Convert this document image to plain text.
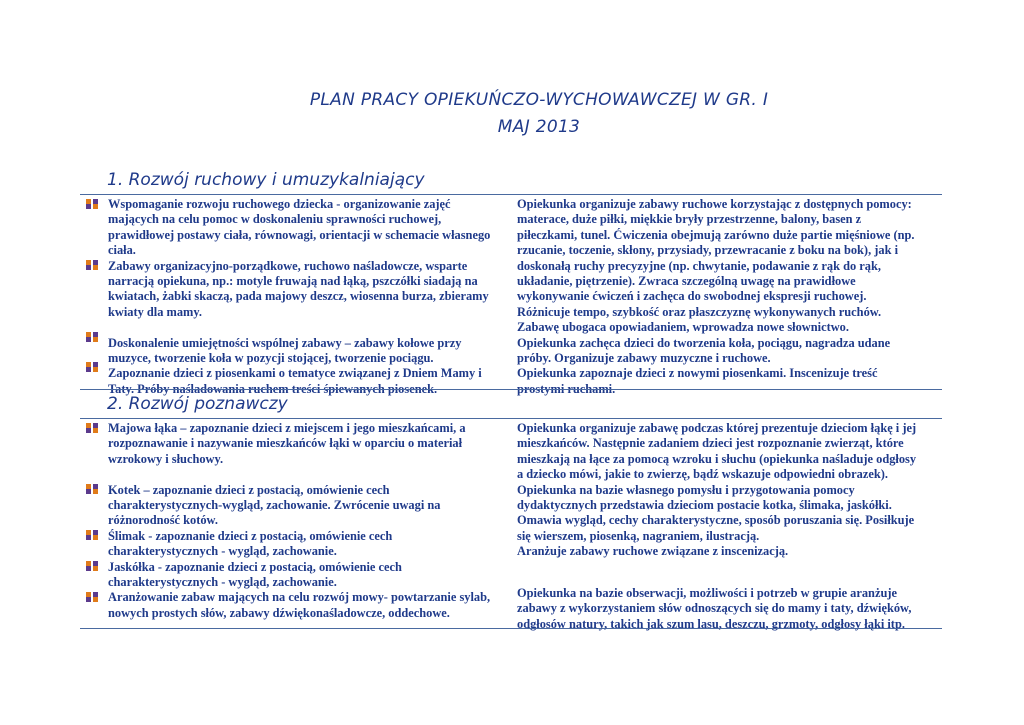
PLAN PRACY OPIEKUŃCZO-WYCHOWAWCZEJ W GR. I
MAJ 2013
1. Rozwój ruchowy i umuzykalniający
Wspomaganie rozwoju ruchowego dziecka - organizowanie zajęć
mających na celu pomoc w doskonaleniu sprawności ruchowej,
prawidłowej postawy ciała, równowagi, orientacji w schemacie własnego
ciała.
Zabawy organizacyjno-porządkowe, ruchowo naśladowcze, wsparte
narracją opiekuna, np.: motyle fruwają nad łąką, pszczółki siadają na
kwiatach, żabki skaczą, pada majowy deszcz, wiosenna burza, zbieramy
kwiaty dla mamy.
Doskonalenie umiejętności wspólnej zabawy – zabawy kołowe przy
muzyce, tworzenie koła w pozycji stojącej, tworzenie pociągu.
Zapoznanie dzieci z piosenkami o tematyce związanej z Dniem Mamy i
Taty. Próby naśladowania ruchem treści śpiewanych piosenek.
Opiekunka organizuje zabawy ruchowe korzystając z dostępnych pomocy:
materace, duże piłki, miękkie bryły przestrzenne, balony, basen z
piłeczkami, tunel. Ćwiczenia obejmują zarówno duże partie mięśniowe (np.
rzucanie, toczenie, skłony, przysiady, przewracanie z boku na bok), jak i
doskonałą ruchy precyzyjne (np. chwytanie, podawanie z rąk do rąk,
układanie, piętrzenie). Zwraca szczególną uwagę na prawidłowe
wykonywanie ćwiczeń i zachęca do swobodnej ekspresji ruchowej.
Różnicuje tempo, szybkość oraz płaszczyznę wykonywanych ruchów.
Zabawę ubogaca opowiadaniem, wprowadza nowe słownictwo.
Opiekunka zachęca dzieci do tworzenia koła, pociągu, nagradza udane
próby. Organizuje zabawy muzyczne i ruchowe.
Opiekunka zapoznaje dzieci z nowymi piosenkami. Inscenizuje treść
prostymi ruchami.
2. Rozwój poznawczy
Majowa łąka – zapoznanie dzieci z miejscem i jego mieszkańcami, a
rozpoznawanie i nazywanie mieszkańców łąki w oparciu o materiał
wzrokowy i słuchowy.
Kotek – zapoznanie dzieci z postacią, omówienie cech
charakterystycznych-wygląd, zachowanie. Zwrócenie uwagi na
różnorodność kotów.
Ślimak - zapoznanie dzieci z postacią, omówienie cech
charakterystycznych - wygląd, zachowanie.
Jaskółka - zapoznanie dzieci z postacią, omówienie cech
charakterystycznych - wygląd, zachowanie.
Aranżowanie zabaw mających na celu rozwój mowy- powtarzanie sylab,
nowych prostych słów, zabawy dźwiękonaśladowcze, oddechowe.
Opiekunka organizuje zabawę podczas której prezentuje dzieciom łąkę i jej
mieszkańców. Następnie zadaniem dzieci jest rozpoznanie zwierząt, które
mieszkają na łące za pomocą wzroku i słuchu (opiekunka naśladuje odgłosy
a dziecko mówi, jakie to zwierzę, bądź wskazuje odpowiedni obrazek).
Opiekunka na bazie własnego pomysłu i przygotowania pomocy
dydaktycznych przedstawia dzieciom postacie kotka, ślimaka, jaskółki.
Omawia wygląd, cechy charakterystyczne, sposób poruszania się. Posiłkuje
się wierszem, piosenką, nagraniem, ilustracją.
Aranżuje zabawy ruchowe związane z inscenizacją.
Opiekunka na bazie obserwacji, możliwości i potrzeb w grupie aranżuje
zabawy z wykorzystaniem słów odnoszących się do mamy i taty, dźwięków,
odgłosów natury, takich jak szum lasu, deszczu, grzmoty, odgłosy łąki itp.
